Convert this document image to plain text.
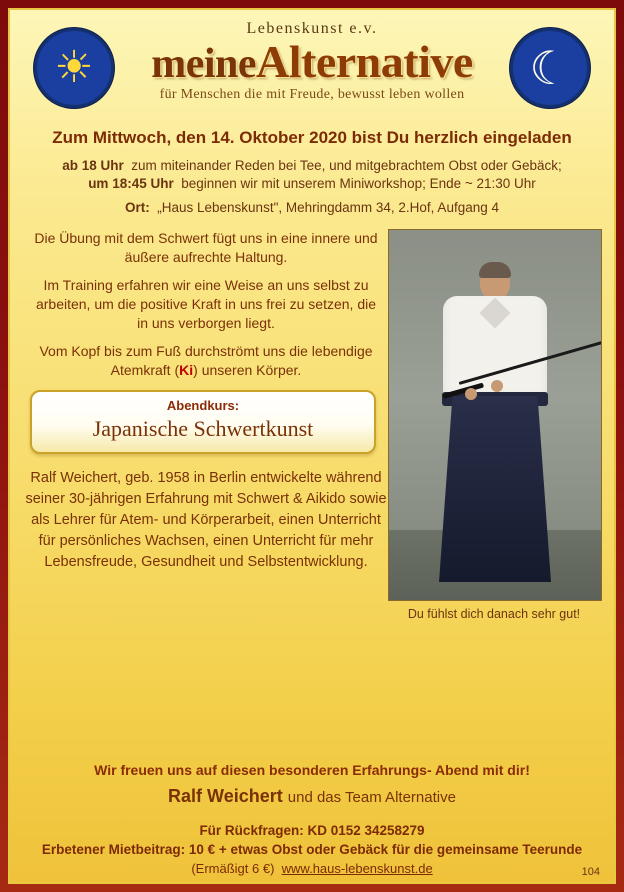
☀	☾
Lebenskunst e.v.
meineAlternative
für Menschen die mit Freude, bewusst leben wollen
Zum Mittwoch, den 14. Oktober 2020 bist Du herzlich eingeladen
ab 18 Uhr zum miteinander Reden bei Tee, und mitgebrachtem Obst oder Gebäck;
um 18:45 Uhr beginnen wir mit unserem Miniworkshop; Ende ~ 21:30 Uhr
Ort: „Haus Lebenskunst", Mehringdamm 34, 2.Hof, Aufgang 4

Die Übung mit dem Schwert fügt uns in eine innere und äußere aufrechte Haltung.

Im Training erfahren wir eine Weise an uns selbst zu arbeiten, um die positive Kraft in uns frei zu setzen, die in uns verborgen liegt.

Vom Kopf bis zum Fuß durchströmt uns die lebendige Atemkraft (Ki) unseren Körper.

Abendkurs:
Japanische Schwertkunst
Ralf Weichert, geb. 1958 in Berlin entwickelte während seiner 30-jährigen Erfahrung mit Schwert & Aikido sowie als Lehrer für Atem- und Körperarbeit, einen Unterricht für persönliches Wachsen, einen Unterricht für mehr Lebensfreude, Gesundheit und Selbstentwicklung.
Du fühlst dich danach sehr gut!
Wir freuen uns auf diesen besonderen Erfahrungs- Abend mit dir!
Ralf Weichert und das Team Alternative
Für Rückfragen: KD 0152 34258279
Erbetener Mietbeitrag: 10 € + etwas Obst oder Gebäck für die gemeinsame Teerunde
(Ermäßigt 6 €) www.haus-lebenskunst.de	104
